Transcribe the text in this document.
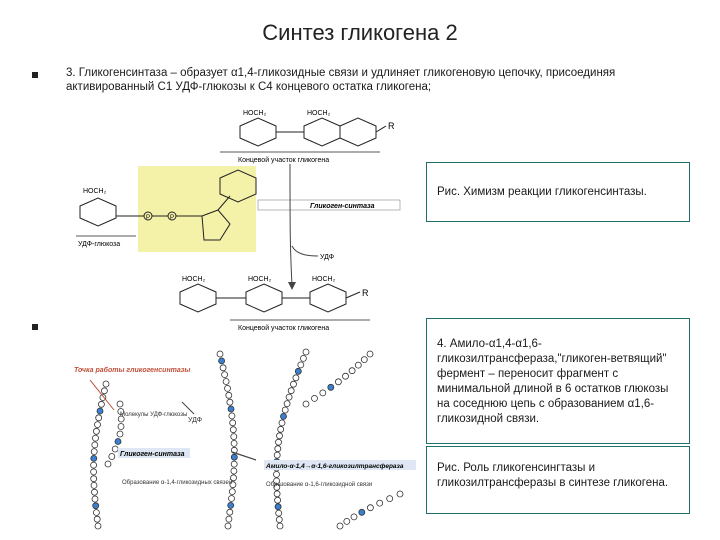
Синтез гликогена 2
3. Гликогенсинтаза – образует α1,4-гликозидные связи и удлиняет гликогеновую цепочку, присоединяя активированный С1 УДФ-глюкозы к С4 концевого остатка гликогена;
HOCH₂	HOCH₂
R
Концевой участок гликогена
HOCH₂
P	P
УДФ-глюкоза
Гликоген-синтаза
УДФ
HOCH₂	HOCH₂	HOCH₂
R
Концевой участок гликогена
Рис. Химизм реакции гликогенсинтазы.
Точка работы гликогенсинтазы
Молекулы УДФ-глюкозы
УДФ
Гликоген-синтаза
Амило-α-1,4→α-1,6-гликозилтрансфераза
Образование α-1,4-гликозидных связей	Образование α-1,6-гликозидной связи
4. Амило-α1,4-α1,6-гликозилтрансфераза,"гликоген-ветвящий" фермент – переносит фрагмент с минимальной длиной в 6 остатков глюкозы на соседнюю цепь с образованием α1,6-гликозидной связи.
Рис. Роль гликогенсингтазы и гликозилтрансферазы в синтезе гликогена.
